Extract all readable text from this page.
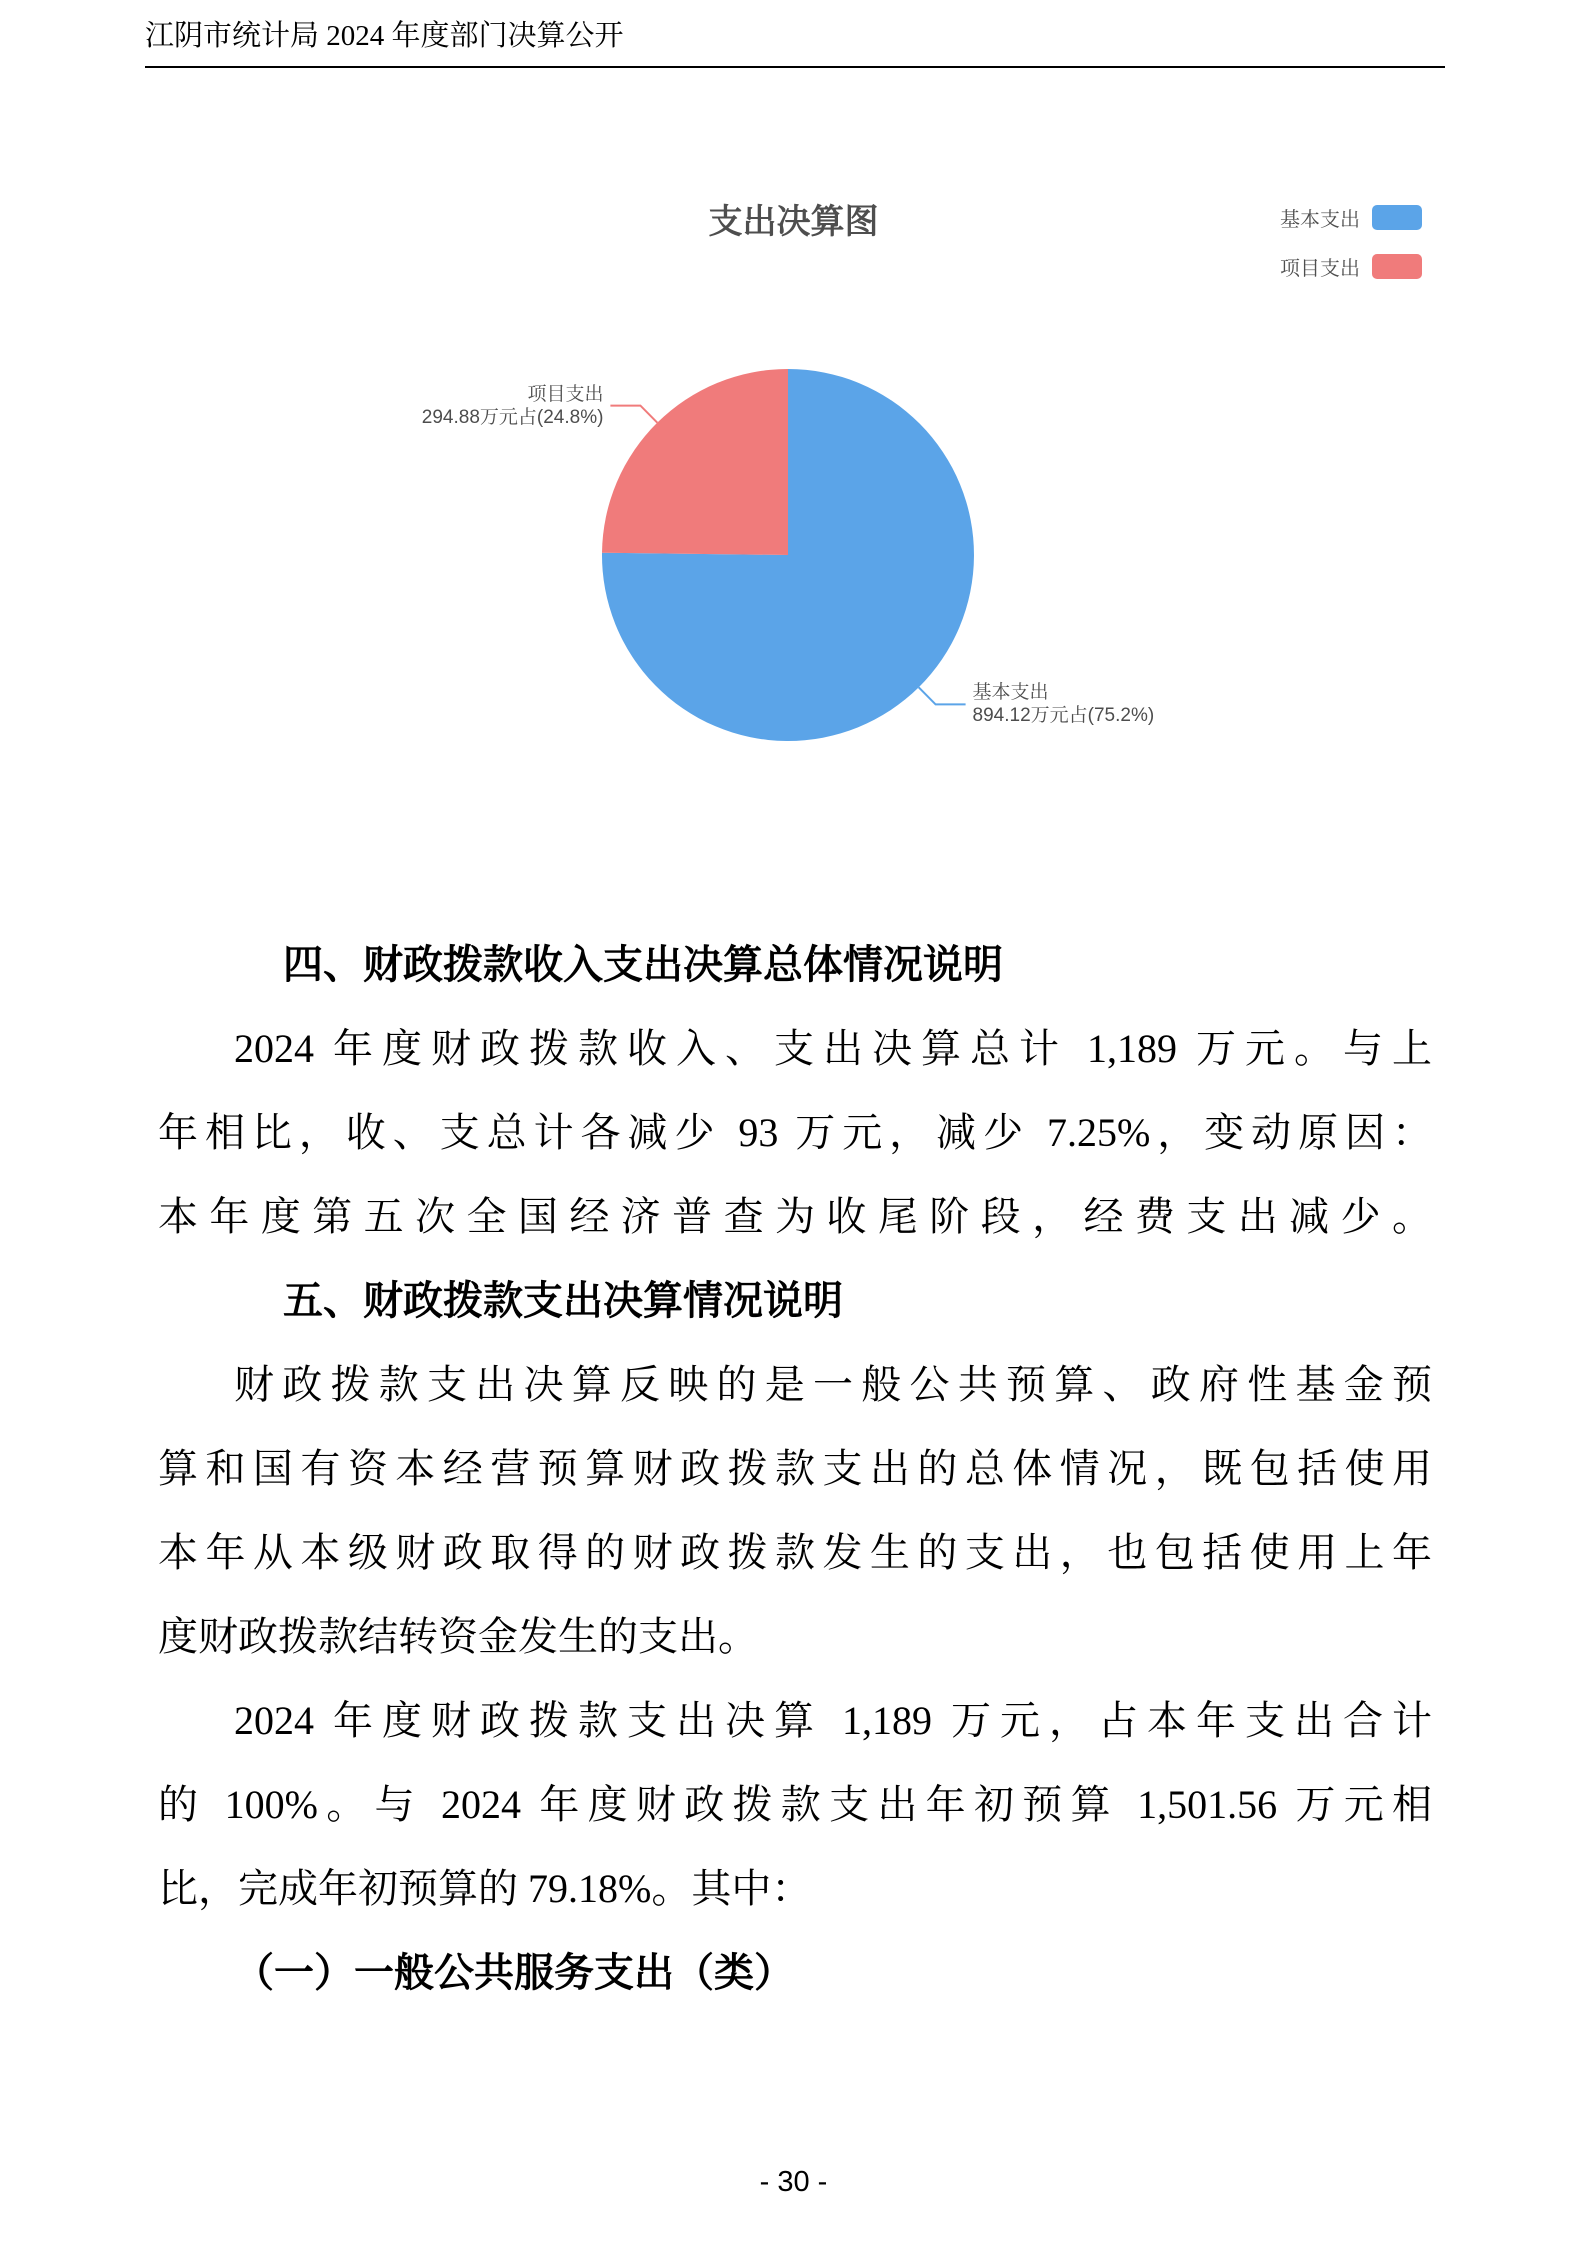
江阴市统计局 2024 年度部门决算公开
支出决算图	基本支出
项目支出
基本支出
894.12万元占(75.2%)
项目支出
294.88万元占(24.8%)
四、财政拨款收入支出决算总体情况说明
2024 年度财政拨款收入、支出决算总计 1,189 万元。与上
年相比，收、支总计各减少 93 万元，减少 7.25%，变动原因：
本年度第五次全国经济普查为收尾阶段，经费支出减少。
五、财政拨款支出决算情况说明
财政拨款支出决算反映的是一般公共预算、政府性基金预
算和国有资本经营预算财政拨款支出的总体情况，既包括使用
本年从本级财政取得的财政拨款发生的支出，也包括使用上年
度财政拨款结转资金发生的支出。
2024 年度财政拨款支出决算 1,189 万元，占本年支出合计
的 100%。与 2024 年度财政拨款支出年初预算 1,501.56 万元相
比，完成年初预算的 79.18%。其中：
（一）一般公共服务支出（类）
- 30 -
